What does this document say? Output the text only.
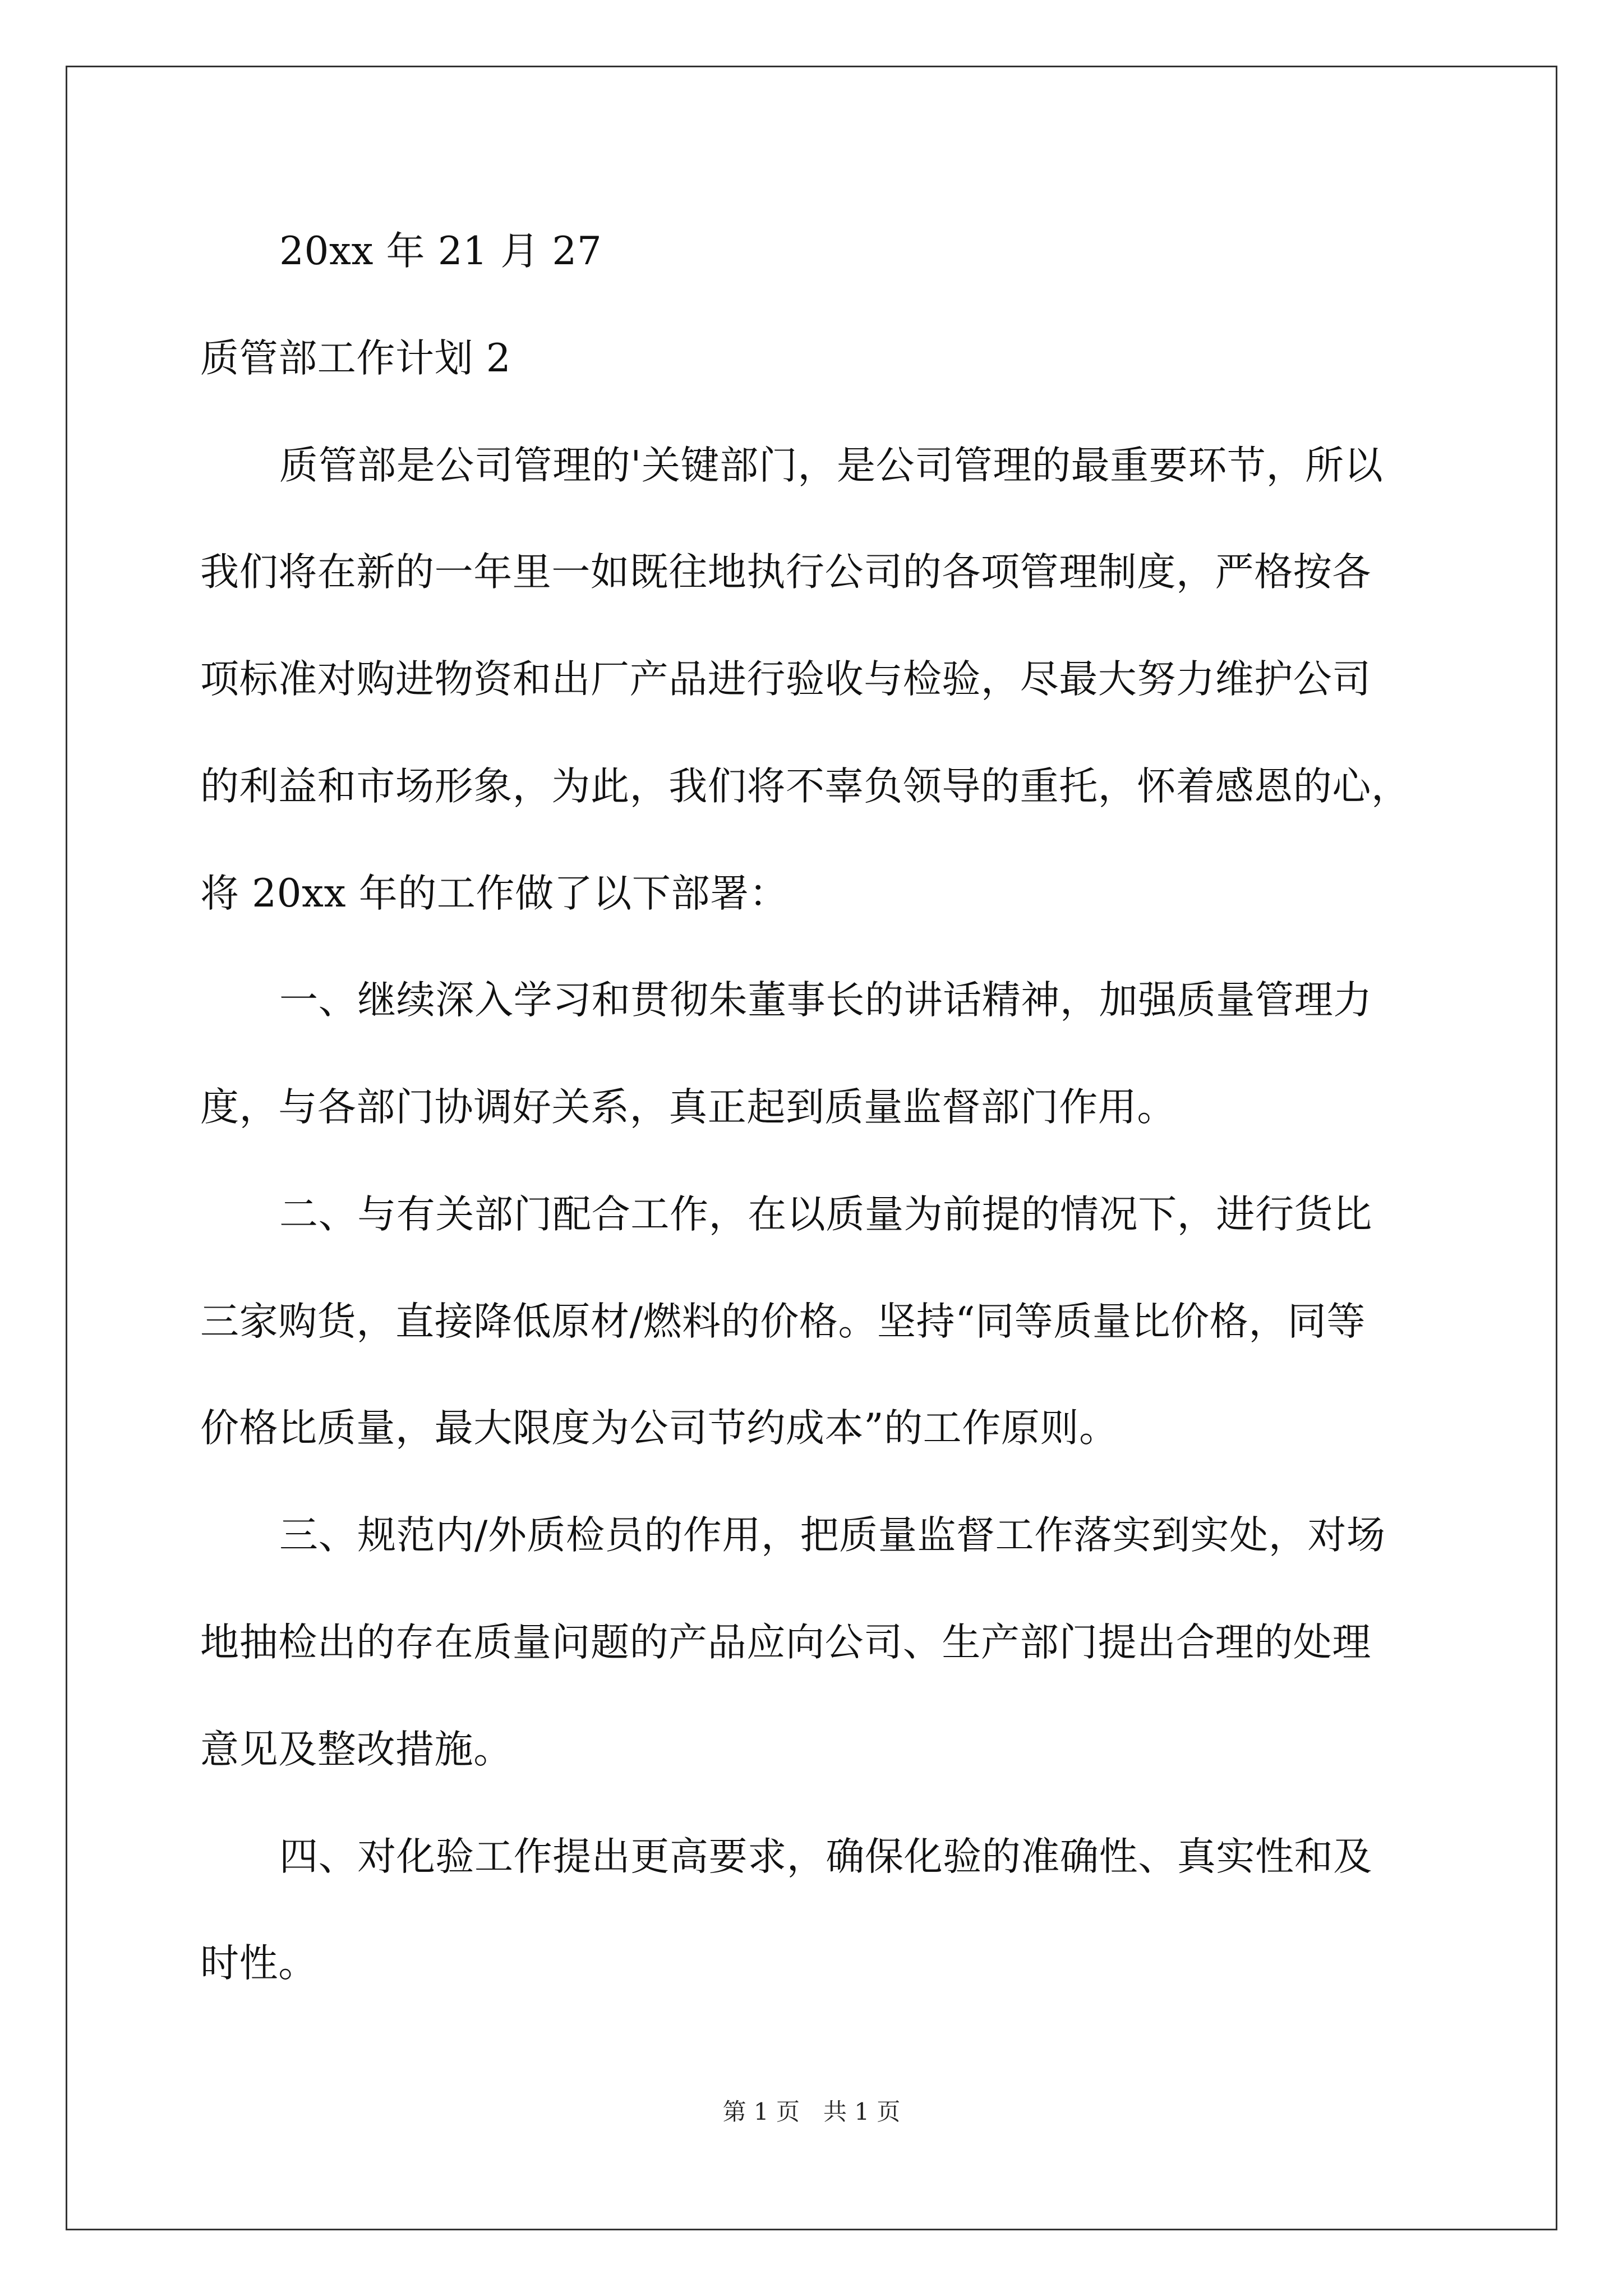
20xx 年 21 月 27
质管部工作计划 2
质管部是公司管理的'关键部门，是公司管理的最重要环节，所以
我们将在新的一年里一如既往地执行公司的各项管理制度，严格按各
项标准对购进物资和出厂产品进行验收与检验，尽最大努力维护公司
的利益和市场形象，为此，我们将不辜负领导的重托，怀着感恩的心，
将 20xx 年的工作做了以下部署：
一、继续深入学习和贯彻朱董事长的讲话精神，加强质量管理力
度，与各部门协调好关系，真正起到质量监督部门作用。
二、与有关部门配合工作，在以质量为前提的情况下，进行货比
三家购货，直接降低原材/燃料的价格。坚持“同等质量比价格，同等
价格比质量，最大限度为公司节约成本”的工作原则。
三、规范内/外质检员的作用，把质量监督工作落实到实处，对场
地抽检出的存在质量问题的产品应向公司、生产部门提出合理的处理
意见及整改措施。
四、对化验工作提出更高要求，确保化验的准确性、真实性和及
时性。
第 1 页　共 1 页
